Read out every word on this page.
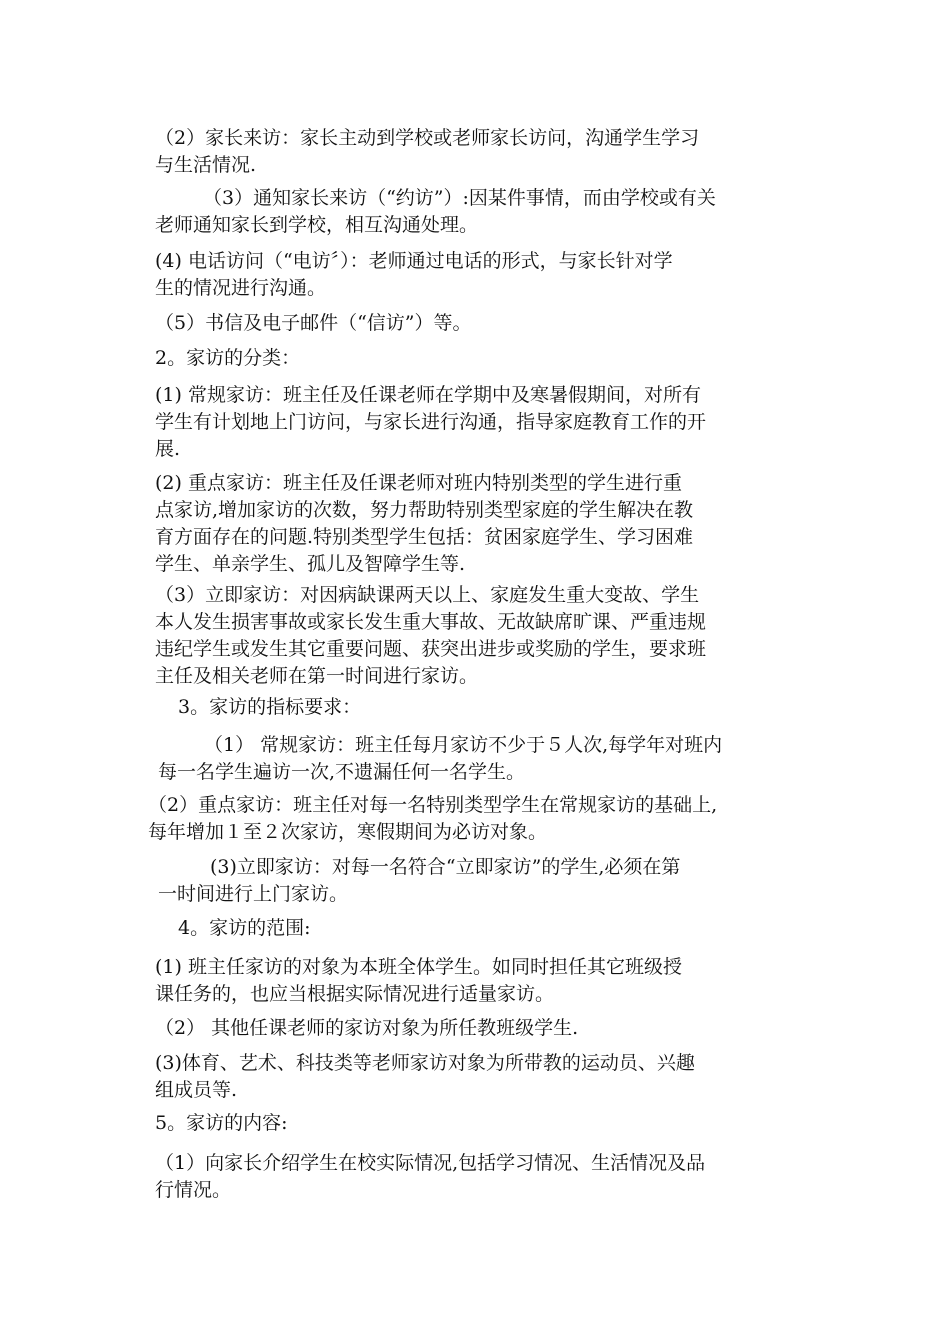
（2）家长来访：家长主动到学校或老师家长访问，沟通学生学习
与生活情况.
（3）通知家长来访（“约访”）:因某件事情，而由学校或有关
老师通知家长到学校，相互沟通处理。
(4) 电话访问（“电访〞）：老师通过电话的形式，与家长针对学
生的情况进行沟通。
（5）书信及电子邮件（“信访”）等。
2。家访的分类：
(1) 常规家访：班主任及任课老师在学期中及寒暑假期间，对所有
学生有计划地上门访问，与家长进行沟通，指导家庭教育工作的开
展.
(2) 重点家访：班主任及任课老师对班内特别类型的学生进行重
点家访,增加家访的次数，努力帮助特别类型家庭的学生解决在教
育方面存在的问题.特别类型学生包括：贫困家庭学生、学习困难
学生、单亲学生、孤儿及智障学生等.
（3）立即家访：对因病缺课两天以上、家庭发生重大变故、学生
本人发生损害事故或家长发生重大事故、无故缺席旷课、严重违规
违纪学生或发生其它重要问题、获突出进步或奖励的学生，要求班
主任及相关老师在第一时间进行家访。
3。家访的指标要求：
（1） 常规家访：班主任每月家访不少于５人次,每学年对班内
每一名学生遍访一次,不遗漏任何一名学生。
（2）重点家访：班主任对每一名特别类型学生在常规家访的基础上,
每年增加１至２次家访，寒假期间为必访对象。
(3)立即家访：对每一名符合“立即家访”的学生,必须在第
一时间进行上门家访。
4。家访的范围:
(1) 班主任家访的对象为本班全体学生。如同时担任其它班级授
课任务的，也应当根据实际情况进行适量家访。
（2） 其他任课老师的家访对象为所任教班级学生.
(3)体育、艺术、科技类等老师家访对象为所带教的运动员、兴趣
组成员等.
5。家访的内容:
（1）向家长介绍学生在校实际情况,包括学习情况、生活情况及品
行情况。
